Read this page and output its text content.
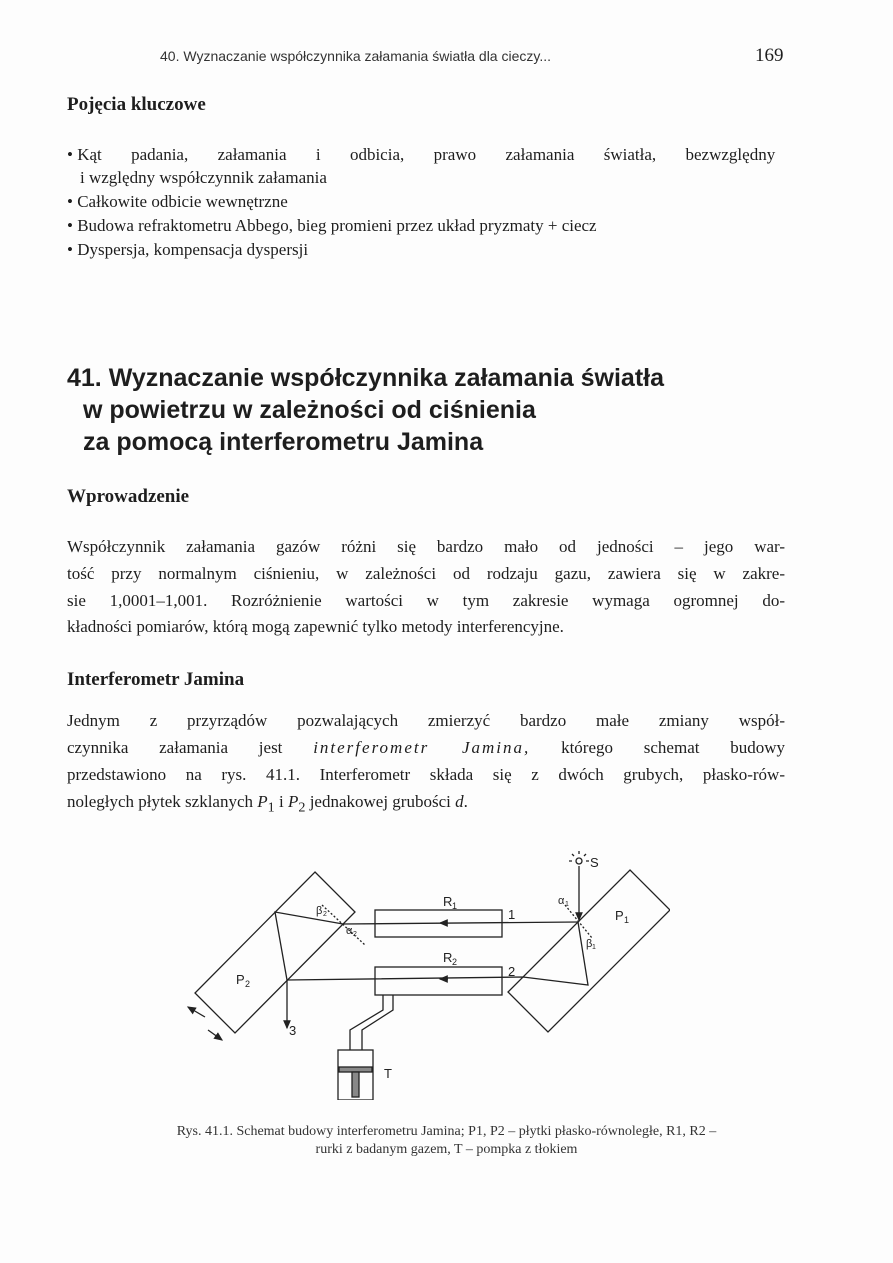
40. Wyznaczanie współczynnika załamania światła dla cieczy...	169
Pojęcia kluczowe
• Kąt padania, załamania i odbicia, prawo załamania światła, bezwzględny
i względny współczynnik załamania
• Całkowite odbicie wewnętrzne
• Budowa refraktometru Abbego, bieg promieni przez układ pryzmaty + ciecz
• Dyspersja, kompensacja dyspersji
41. Wyznaczanie współczynnika załamania światła
w powietrzu w zależności od ciśnienia
za pomocą interferometru Jamina
Wprowadzenie
Współczynnik załamania gazów różni się bardzo mało od jedności – jego war-
tość przy normalnym ciśnieniu, w zależności od rodzaju gazu, zawiera się w zakre-
sie 1,0001–1,001. Rozróżnienie wartości w tym zakresie wymaga ogromnej do-
kładności pomiarów, którą mogą zapewnić tylko metody interferencyjne.
Interferometr Jamina
Jednym z przyrządów pozwalających zmierzyć bardzo małe zmiany współ-
czynnika załamania jest interferometr Jamina, którego schemat budowy
przedstawiono na rys. 41.1. Interferometr składa się z dwóch grubych, płasko-rów-
noległych płytek szklanych $P_1$ i $P_2$ jednakowej grubości d.
S
R 1
R 2
P 1
P 2
1
2
3
T
α 1
β 1
α 2
β 2
Rys. 41.1. Schemat budowy interferometru Jamina; P1, P2 – płytki płasko-równoległe, R1, R2 –
rurki z badanym gazem, T – pompka z tłokiem
